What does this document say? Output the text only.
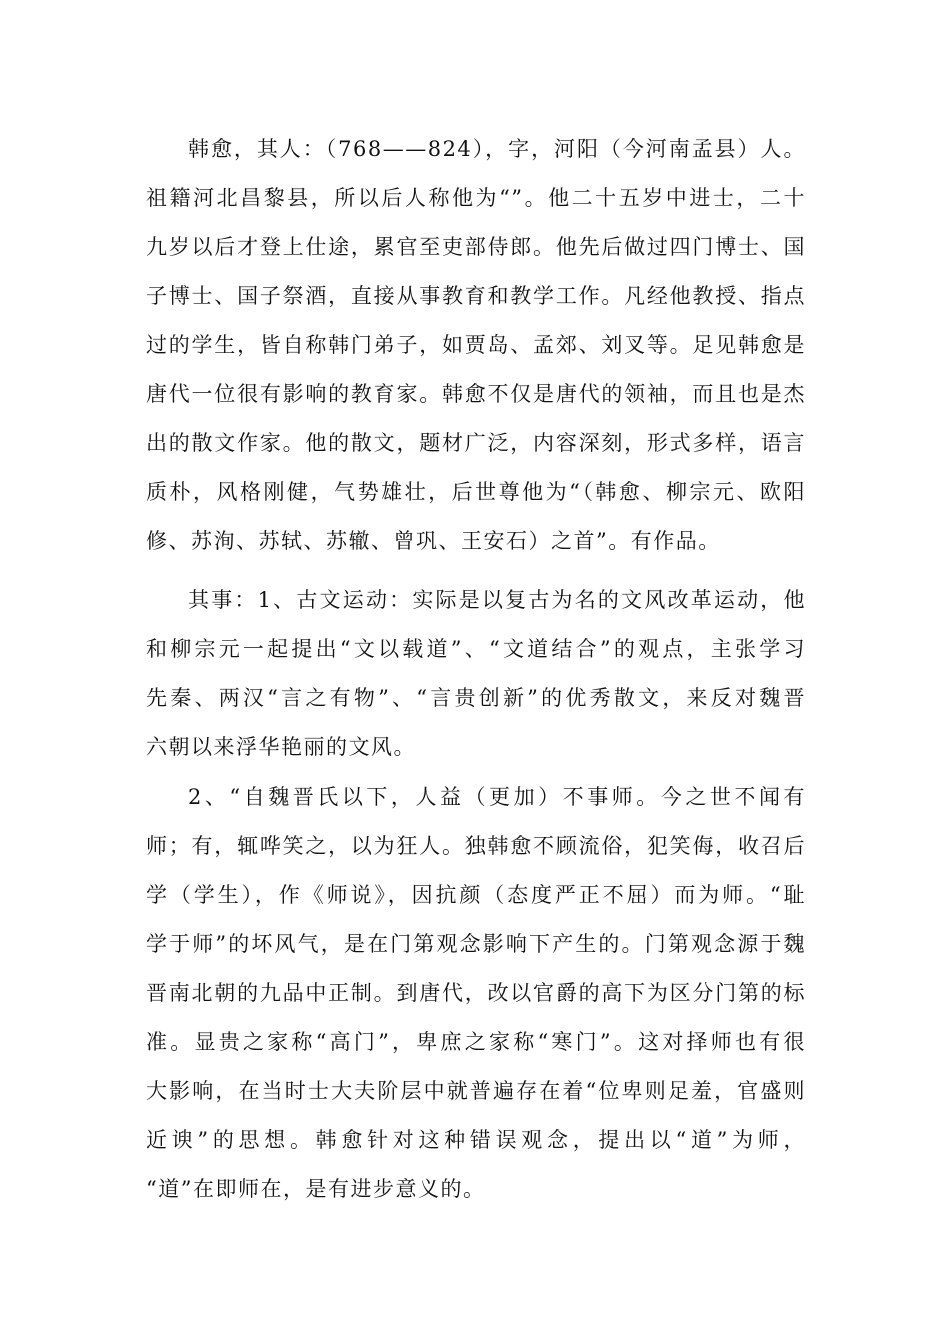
韩愈，其人：（768——824），字，河阳（今河南孟县）人。
祖籍河北昌黎县，所以后人称他为“”。他二十五岁中进士，二十
九岁以后才登上仕途，累官至吏部侍郎。他先后做过四门博士、国
子博士、国子祭酒，直接从事教育和教学工作。凡经他教授、指点
过的学生，皆自称韩门弟子，如贾岛、孟郊、刘叉等。足见韩愈是
唐代一位很有影响的教育家。韩愈不仅是唐代的领袖，而且也是杰
出的散文作家。他的散文，题材广泛，内容深刻，形式多样，语言
质朴，风格刚健，气势雄壮，后世尊他为“（韩愈、柳宗元、欧阳
修、苏洵、苏轼、苏辙、曾巩、王安石）之首”。有作品。
其事：1、古文运动：实际是以复古为名的文风改革运动，他
和柳宗元一起提出“文以载道”、“文道结合”的观点，主张学习
先秦、两汉“言之有物”、“言贵创新”的优秀散文，来反对魏晋
六朝以来浮华艳丽的文风。
2、“自魏晋氏以下，人益（更加）不事师。今之世不闻有
师；有，辄哗笑之，以为狂人。独韩愈不顾流俗，犯笑侮，收召后
学（学生），作《师说》，因抗颜（态度严正不屈）而为师。“耻
学于师”的坏风气，是在门第观念影响下产生的。门第观念源于魏
晋南北朝的九品中正制。到唐代，改以官爵的高下为区分门第的标
准。显贵之家称“高门”，卑庶之家称“寒门”。这对择师也有很
大影响，在当时士大夫阶层中就普遍存在着“位卑则足羞，官盛则
近谀”的思想。韩愈针对这种错误观念，提出以“道”为师，
“道”在即师在，是有进步意义的。
